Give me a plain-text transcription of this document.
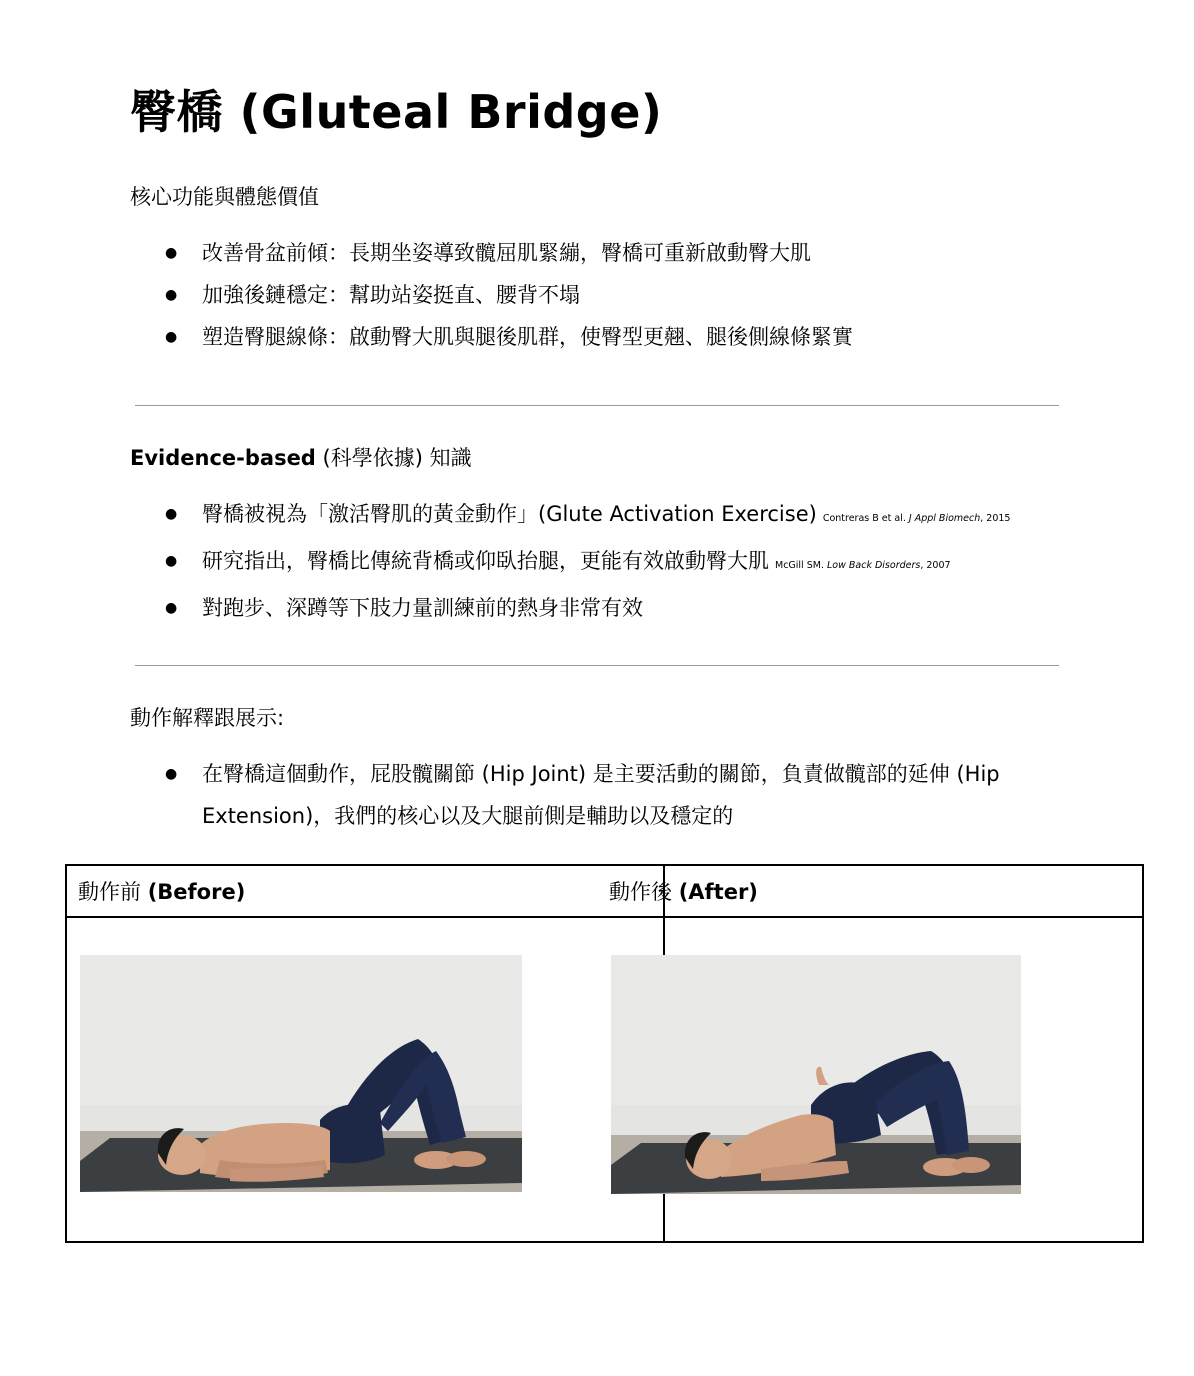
臀橋 (Gluteal Bridge)
核心功能與體態價值
● 改善骨盆前傾：長期坐姿導致髖屈肌緊繃，臀橋可重新啟動臀大肌
● 加強後鏈穩定：幫助站姿挺直、腰背不塌
● 塑造臀腿線條：啟動臀大肌與腿後肌群，使臀型更翹、腿後側線條緊實
Evidence-based (科學依據) 知識
● 臀橋被視為「激活臀肌的黃金動作」(Glute Activation Exercise) Contreras B et al. J Appl Biomech, 2015
● 研究指出，臀橋比傳統背橋或仰臥抬腿，更能有效啟動臀大肌 McGill SM. Low Back Disorders, 2007
● 對跑步、深蹲等下肢力量訓練前的熱身非常有效
動作解釋跟展示:
● 在臀橋這個動作，屁股髖關節 (Hip Joint) 是主要活動的關節，負責做髖部的延伸 (Hip Extension)，我們的核心以及大腿前側是輔助以及穩定的
動作前 (Before)	動作後 (After)
